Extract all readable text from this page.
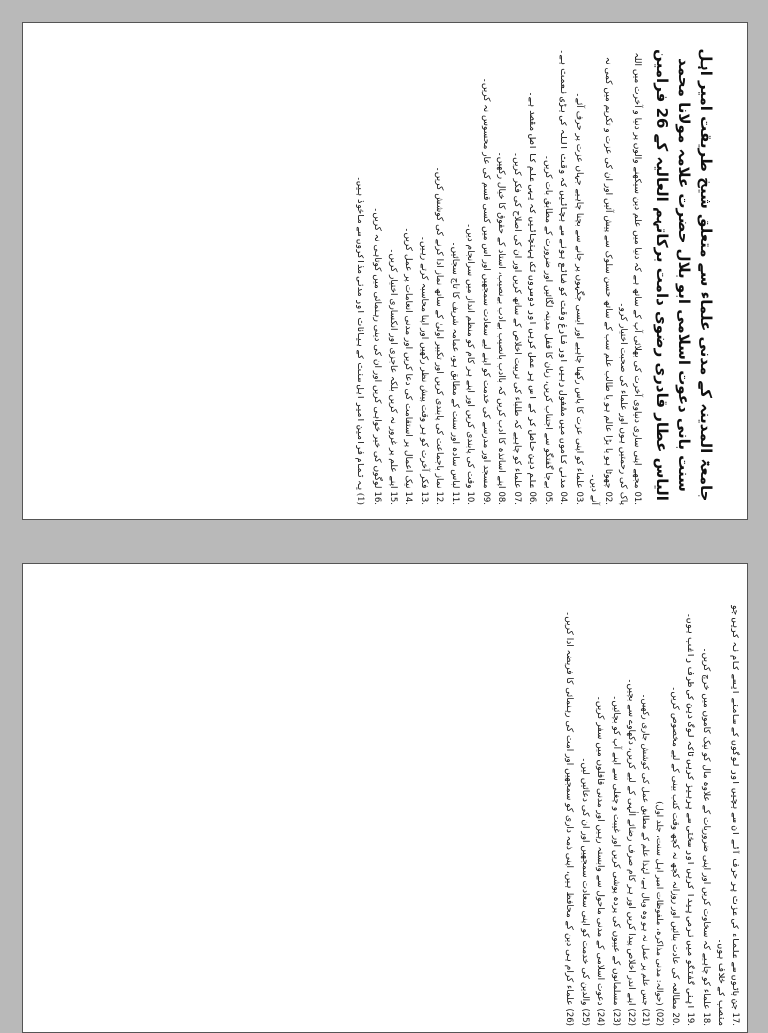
جامعۃ المدینہ کے مدنی علماء سے متعلق شیخ طریقت امیر اہل سنت بانی دعوت اسلامی ابو بلال حضرت علامہ مولانا محمد الیاس عطار قادری رضوی دامت برکاتہم العالیہ کے 26 فرامین
.01مجھے اپنی ساری دنیاوی آخرت کی بھلائی آپ کے ساتھ ہے کہ دنیا میں علم دین سیکھنے والوں پر دنیا و آخرت میں اللہ پاک کی رحمتیں ہوں اور علماء کی صحبت اختیار کرو۔
.02چھوٹا ہو یا بڑا عالم ہو یا طالب علم سب کے ساتھ حسن سلوک سے پیش آئیں اور ان کی عزت و تکریم میں کمی نہ آنے دیں۔
.03علماء کو اپنی عزت کا پاس رکھنا چاہیے اور ایسی جگہوں پر جانے سے بچنا چاہیے جہاں عزت پر حرف آئے۔
.04مدنی کاموں میں مشغول رہیں اور فارغ وقت کو ضائع ہونے سے بچائیں کہ وقت اللہ کی بڑی نعمت ہے۔
.05بےجا گفتگو سے اجتناب کریں، زبان کا قفل مدینہ لگائیں اور ضرورت کے مطابق بات کریں۔
.06علم دین حاصل کر کے اس پر عمل کریں اور دوسروں تک پہنچائیں کہ یہی علم کا اصل مقصد ہے۔
.07علماء کو چاہیے کہ طلباء کی تربیت اخلاص کے ساتھ کریں اور ان کی اصلاح کی فکر کریں۔
.08اپنے اساتذہ کا ادب کریں کہ باادب بانصیب بےادب بےنصیب، استاد کے حقوق کا خیال رکھیں۔
.09مسجد اور مدرسے کی خدمت کو اپنے لیے سعادت سمجھیں اور اس میں کسی قسم کی عار محسوس نہ کریں۔
.10وقت کی پابندی کریں اور اپنے ہر کام کو منظم انداز میں سرانجام دیں۔
.11لباس سادہ اور سنت کے مطابق ہو، عمامہ شریف کا تاج سجائیں۔
.12نماز باجماعت کی پابندی کریں اور تکبیر اولیٰ کے ساتھ نماز ادا کرنے کی کوشش کریں۔
.13فکر آخرت کو ہر وقت پیش نظر رکھیں اور اپنا محاسبہ کرتے رہیں۔
.14نیک اعمال پر استقامت کی دعا کریں اور مدنی انعامات پر عمل کریں۔
.15اپنے علم پر غرور نہ کریں بلکہ عاجزی اور انکساری اختیار کریں۔
.16لوگوں کی خیر خواہی کریں اور ان کی دینی رہنمائی میں کوتاہی نہ کریں۔
(1) یہ تمام فرامین امیر اہل سنت کے بیانات اور مدنی مذاکروں سے ماخوذ ہیں۔
.17جن باتوں سے علماء کی عزت پر حرف آئے ان سے بچیں اور لوگوں کے سامنے ایسے کام نہ کریں جو منصب کے خلاف ہوں۔
.18علماء کو چاہیے کہ سخاوت کریں اور اپنی ضروریات کے علاوہ مال کو نیک کاموں میں خرچ کریں۔
.19اپنی گفتگو میں نرمی پیدا کریں اور سختی سے پرہیز کریں تاکہ لوگ دین کی طرف راغب ہوں۔
.20مطالعہ کی عادت بنائیں اور روزانہ کچھ نہ کچھ وقت کتب بینی کے لیے مخصوص کریں۔
(02)(حوالہ: مدنی مذاکرہ، ملفوظات امیر اہل سنت، جلد اول)
(21)جس علم پر عمل نہ ہو وہ وبال ہے، لہٰذا علم کے مطابق عمل کی کوشش جاری رکھیں۔
(22)اپنے اندر اخلاص پیدا کریں اور ہر کام صرف رضائے الٰہی کے لیے کریں، دکھاوے سے بچیں۔
(23)مسلمانوں کے عیبوں کی پردہ پوشی کریں اور غیبت و چغلی سے اپنے آپ کو بچائیں۔
(24)دعوت اسلامی کے مدنی ماحول سے وابستہ رہیں اور مدنی قافلوں میں سفر کریں۔
(25)والدین کی خدمت کو اپنی سعادت سمجھیں اور ان کی دعائیں لیں۔
(26)علماء کرام ہی دین کے محافظ ہیں، اپنی ذمہ داری کو سمجھیں اور امت کی رہنمائی کا فریضہ ادا کریں۔
